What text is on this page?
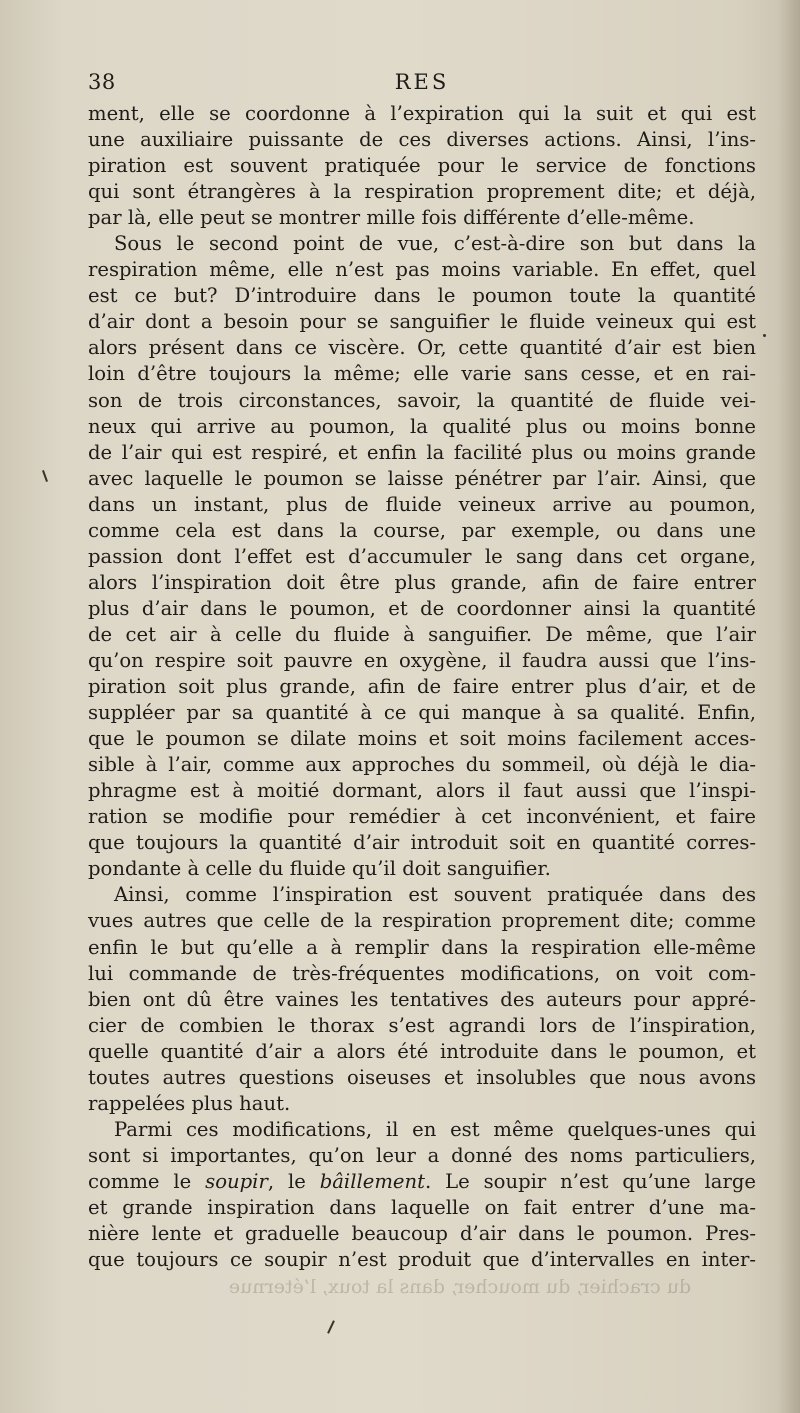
38	RES
ment, elle se coordonne à l’expiration qui la suit et qui est
une auxiliaire puissante de ces diverses actions. Ainsi, l’ins-
piration est souvent pratiquée pour le service de fonctions
qui sont étrangères à la respiration proprement dite; et déjà,
par là, elle peut se montrer mille fois différente d’elle-même.
Sous le second point de vue, c’est-à-dire son but dans la
respiration même, elle n’est pas moins variable. En effet, quel
est ce but? D’introduire dans le poumon toute la quantité
d’air dont a besoin pour se sanguifier le fluide veineux qui est
alors présent dans ce viscère. Or, cette quantité d’air est bien
loin d’être toujours la même; elle varie sans cesse, et en rai-
son de trois circonstances, savoir, la quantité de fluide vei-
neux qui arrive au poumon, la qualité plus ou moins bonne
de l’air qui est respiré, et enfin la facilité plus ou moins grande
avec laquelle le poumon se laisse pénétrer par l’air. Ainsi, que
dans un instant, plus de fluide veineux arrive au poumon,
comme cela est dans la course, par exemple, ou dans une
passion dont l’effet est d’accumuler le sang dans cet organe,
alors l’inspiration doit être plus grande, afin de faire entrer
plus d’air dans le poumon, et de coordonner ainsi la quantité
de cet air à celle du fluide à sanguifier. De même, que l’air
qu’on respire soit pauvre en oxygène, il faudra aussi que l’ins-
piration soit plus grande, afin de faire entrer plus d’air, et de
suppléer par sa quantité à ce qui manque à sa qualité. Enfin,
que le poumon se dilate moins et soit moins facilement acces-
sible à l’air, comme aux approches du sommeil, où déjà le dia-
phragme est à moitié dormant, alors il faut aussi que l’inspi-
ration se modifie pour remédier à cet inconvénient, et faire
que toujours la quantité d’air introduit soit en quantité corres-
pondante à celle du fluide qu’il doit sanguifier.
Ainsi, comme l’inspiration est souvent pratiquée dans des
vues autres que celle de la respiration proprement dite; comme
enfin le but qu’elle a à remplir dans la respiration elle-même
lui commande de très-fréquentes modifications, on voit com-
bien ont dû être vaines les tentatives des auteurs pour appré-
cier de combien le thorax s’est agrandi lors de l’inspiration,
quelle quantité d’air a alors été introduite dans le poumon, et
toutes autres questions oiseuses et insolubles que nous avons
rappelées plus haut.
Parmi ces modifications, il en est même quelques-unes qui
sont si importantes, qu’on leur a donné des noms particuliers,
comme le soupir, le bâillement. Le soupir n’est qu’une large
et grande inspiration dans laquelle on fait entrer d’une ma-
nière lente et graduelle beaucoup d’air dans le poumon. Pres-
que toujours ce soupir n’est produit que d’intervalles en inter-
du crachier, du moucher, dans la toux, l’éternue
